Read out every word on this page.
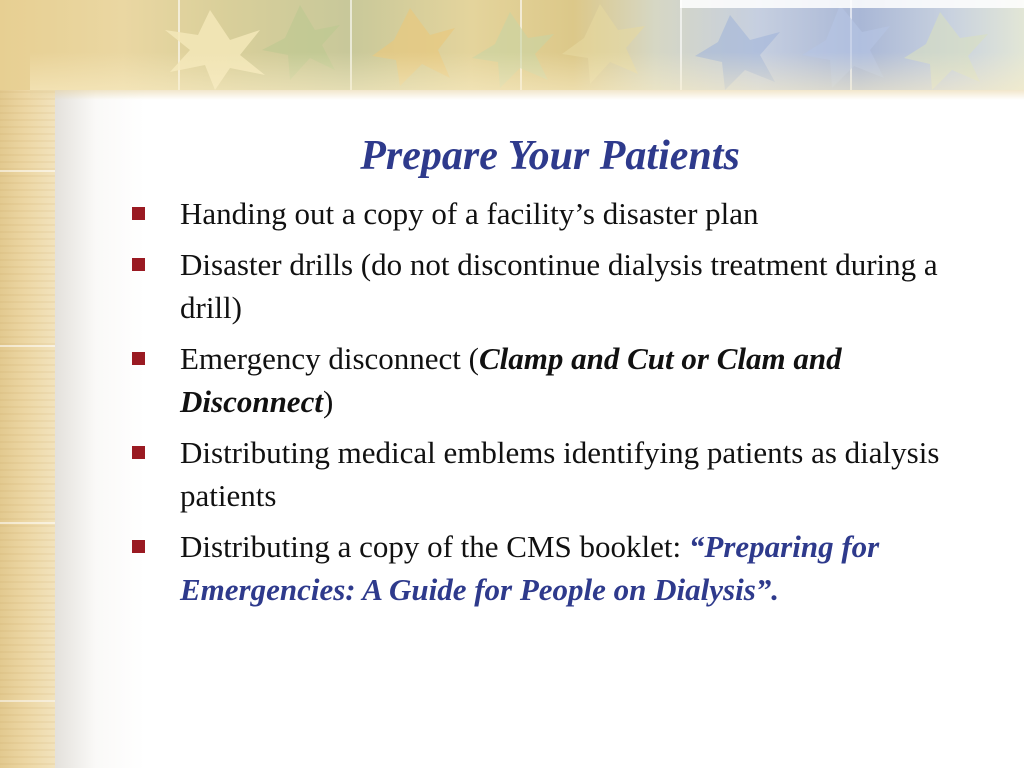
Prepare Your Patients
Handing out a copy of a facility’s disaster plan
Disaster drills (do not discontinue dialysis treatment during a drill)
Emergency disconnect (Clamp and Cut or Clam and Disconnect)
Distributing medical emblems identifying patients as dialysis patients
Distributing a copy of the CMS booklet: “Preparing for Emergencies: A Guide for People on Dialysis”.
